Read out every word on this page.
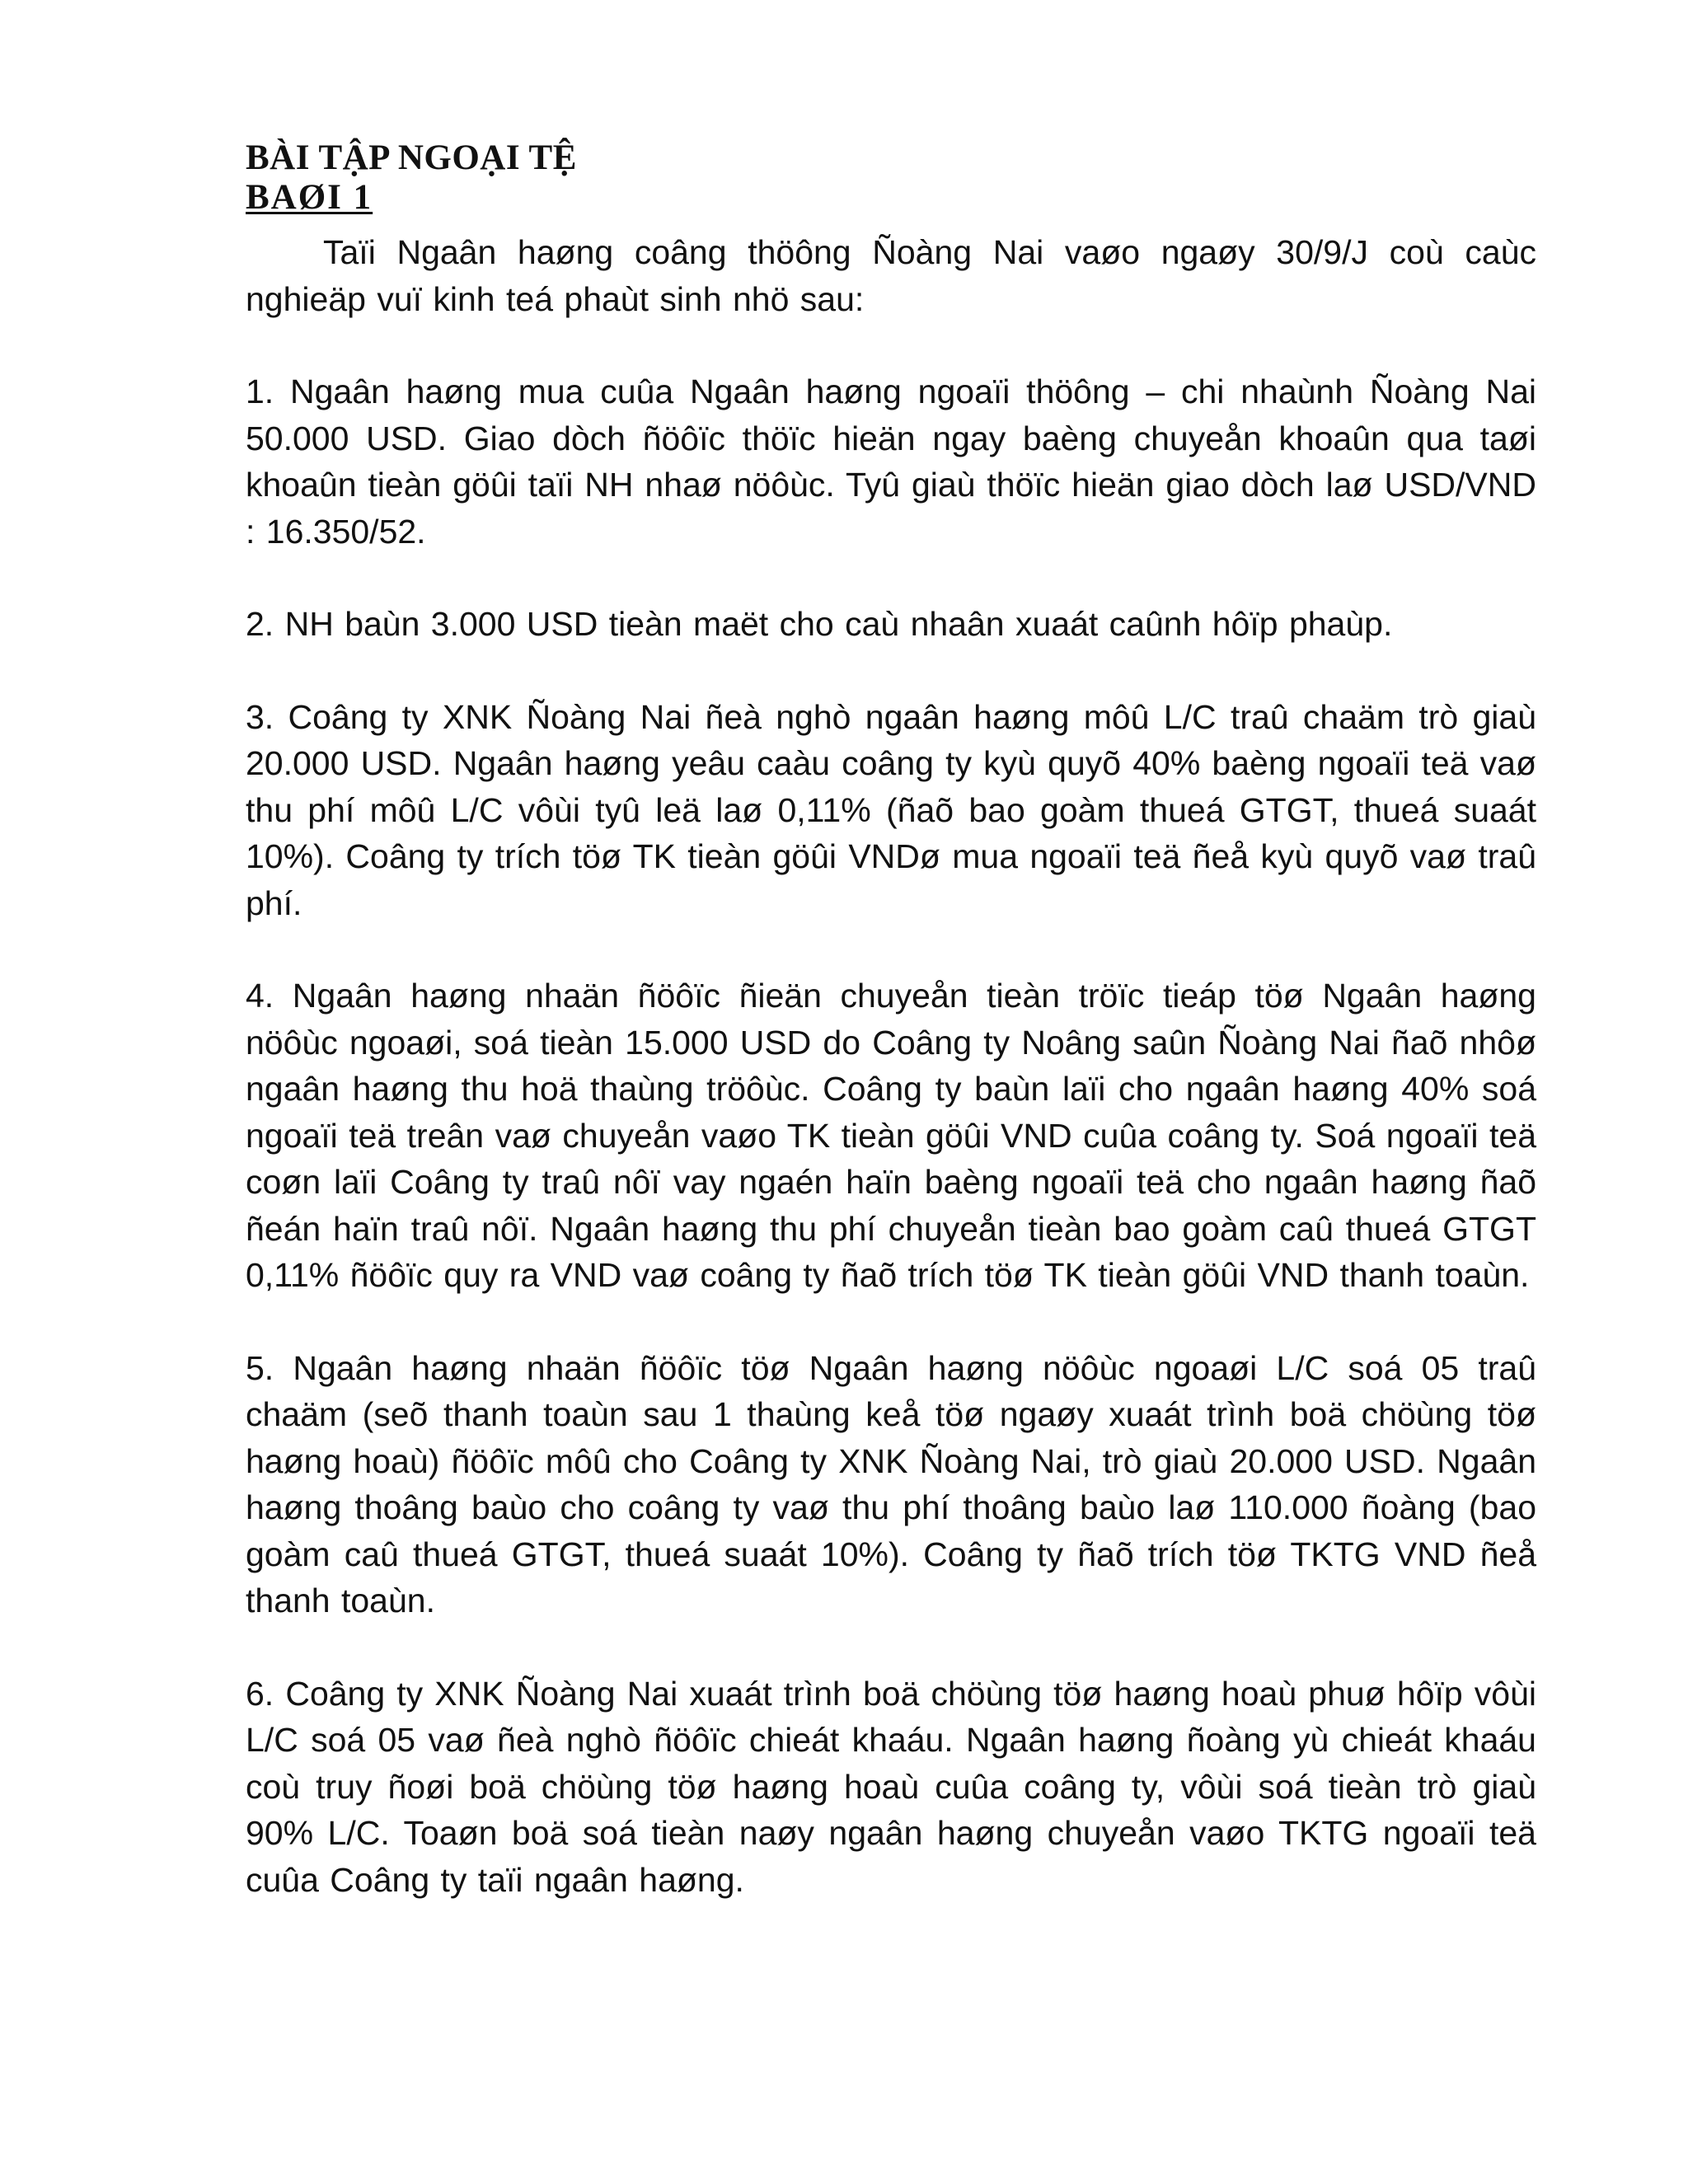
BÀI TẬP NGOẠI TỆ
BAØI 1

Taïi Ngaân haøng coâng thöông Ñoàng Nai vaøo ngaøy 30/9/J coù caùc nghieäp vuï kinh teá phaùt sinh nhö sau:

1. Ngaân haøng mua cuûa Ngaân haøng ngoaïi thöông – chi nhaùnh Ñoàng Nai 50.000 USD. Giao dòch ñöôïc thöïc hieän ngay baèng chuyeån khoaûn qua taøi khoaûn tieàn göûi taïi NH nhaø nöôùc. Tyû giaù thöïc hieän giao dòch laø USD/VND : 16.350/52.

2. NH baùn 3.000 USD tieàn maët cho caù nhaân xuaát caûnh hôïp phaùp.

3. Coâng ty XNK Ñoàng Nai ñeà nghò ngaân haøng môû L/C traû chaäm trò giaù 20.000 USD. Ngaân haøng yeâu caàu coâng ty kyù quyõ 40% baèng ngoaïi teä vaø thu phí môû L/C vôùi tyû leä laø 0,11% (ñaõ bao goàm thueá GTGT, thueá suaát 10%). Coâng ty trích töø TK tieàn göûi VNDø mua ngoaïi teä ñeå kyù quyõ vaø traû phí.

4. Ngaân haøng nhaän ñöôïc ñieän chuyeån tieàn tröïc tieáp töø Ngaân haøng nöôùc ngoaøi, soá tieàn 15.000 USD do Coâng ty Noâng saûn Ñoàng Nai ñaõ nhôø ngaân haøng thu hoä thaùng tröôùc. Coâng ty baùn laïi cho ngaân haøng 40% soá ngoaïi teä treân vaø chuyeån vaøo TK tieàn göûi VND cuûa coâng ty. Soá ngoaïi teä coøn laïi Coâng ty traû nôï vay ngaén haïn baèng ngoaïi teä cho ngaân haøng ñaõ ñeán haïn traû nôï. Ngaân haøng thu phí chuyeån tieàn bao goàm caû thueá GTGT 0,11% ñöôïc quy ra VND vaø coâng ty ñaõ trích töø TK tieàn göûi VND thanh toaùn.

5. Ngaân haøng nhaän ñöôïc töø Ngaân haøng nöôùc ngoaøi L/C soá 05 traû chaäm (seõ thanh toaùn sau 1 thaùng keå töø ngaøy xuaát trình boä chöùng töø haøng hoaù) ñöôïc môû cho Coâng ty XNK Ñoàng Nai, trò giaù 20.000 USD. Ngaân haøng thoâng baùo cho coâng ty vaø thu phí thoâng baùo laø 110.000 ñoàng (bao goàm caû thueá GTGT, thueá suaát 10%). Coâng ty ñaõ trích töø TKTG VND ñeå thanh toaùn.

6. Coâng ty XNK Ñoàng Nai xuaát trình boä chöùng töø haøng hoaù phuø hôïp vôùi L/C soá 05 vaø ñeà nghò ñöôïc chieát khaáu. Ngaân haøng ñoàng yù chieát khaáu coù truy ñoøi boä chöùng töø haøng hoaù cuûa coâng ty, vôùi soá tieàn trò giaù 90% L/C. Toaøn boä soá tieàn naøy ngaân haøng chuyeån vaøo TKTG ngoaïi teä cuûa Coâng ty taïi ngaân haøng.
